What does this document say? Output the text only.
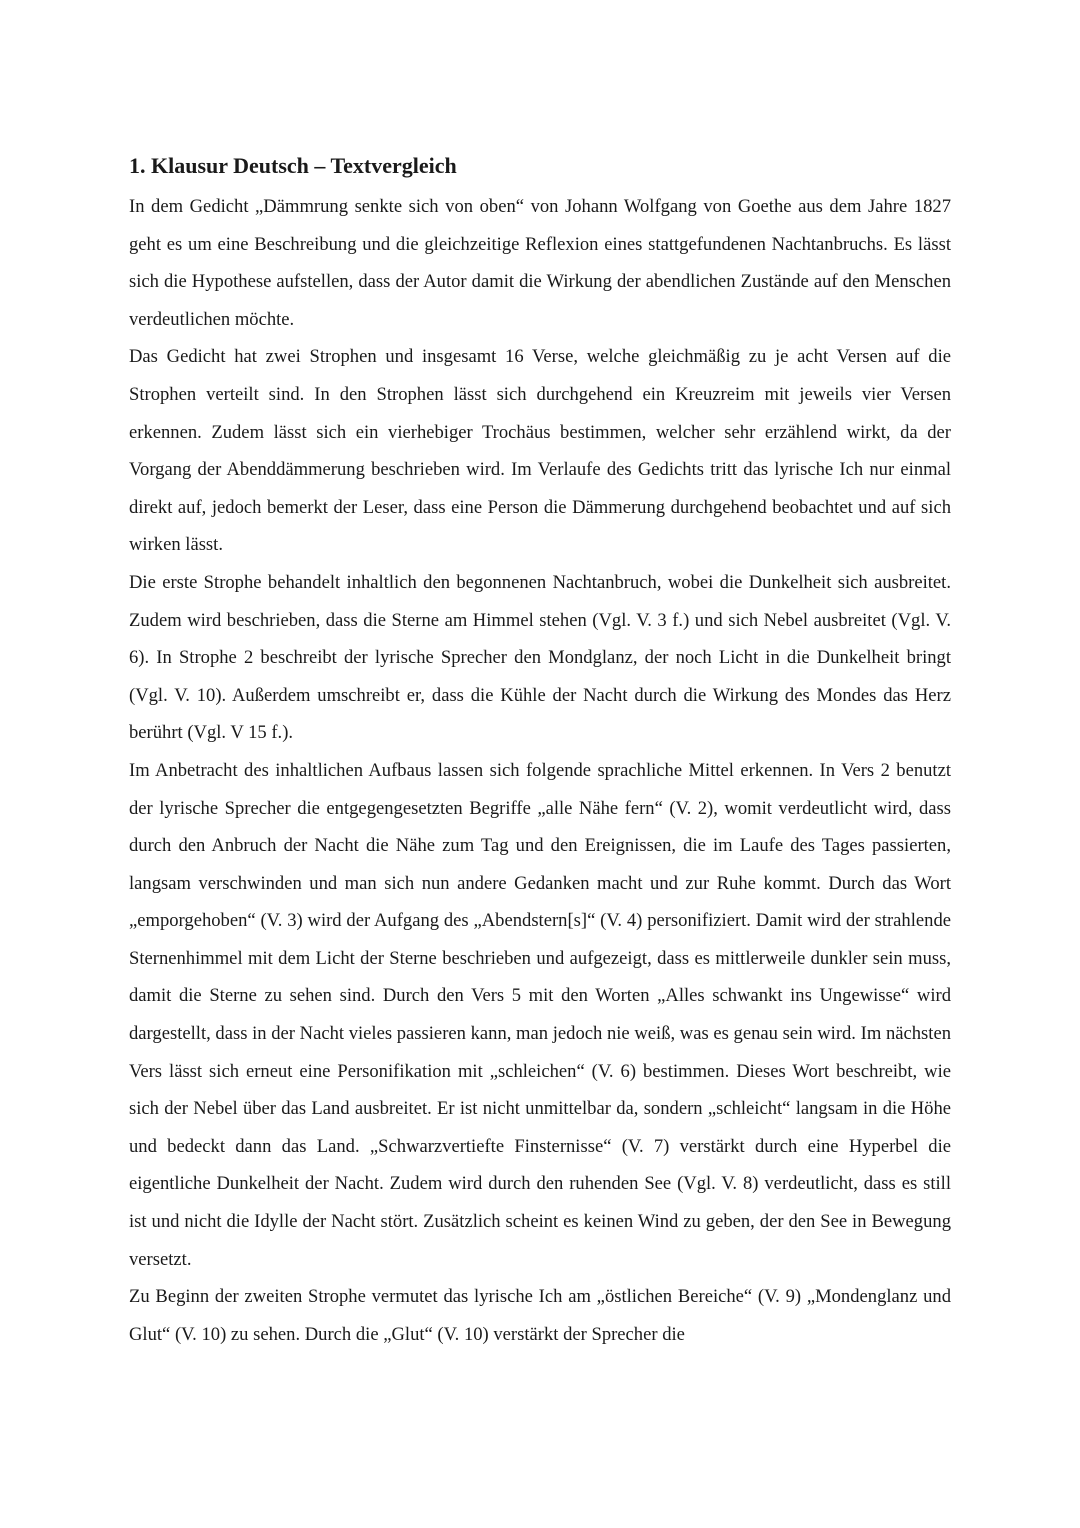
1. Klausur Deutsch – Textvergleich

In dem Gedicht „Dämmrung senkte sich von oben“ von Johann Wolfgang von Goethe aus dem Jahre 1827 geht es um eine Beschreibung und die gleichzeitige Reflexion eines stattgefundenen Nachtanbruchs. Es lässt sich die Hypothese aufstellen, dass der Autor damit die Wirkung der abendlichen Zustände auf den Menschen verdeutlichen möchte.

Das Gedicht hat zwei Strophen und insgesamt 16 Verse, welche gleichmäßig zu je acht Versen auf die Strophen verteilt sind. In den Strophen lässt sich durchgehend ein Kreuzreim mit jeweils vier Versen erkennen. Zudem lässt sich ein vierhebiger Trochäus bestimmen, welcher sehr erzählend wirkt, da der Vorgang der Abenddämmerung beschrieben wird. Im Verlaufe des Gedichts tritt das lyrische Ich nur einmal direkt auf, jedoch bemerkt der Leser, dass eine Person die Dämmerung durchgehend beobachtet und auf sich wirken lässt.

Die erste Strophe behandelt inhaltlich den begonnenen Nachtanbruch, wobei die Dunkelheit sich ausbreitet. Zudem wird beschrieben, dass die Sterne am Himmel stehen (Vgl. V. 3 f.) und sich Nebel ausbreitet (Vgl. V. 6). In Strophe 2 beschreibt der lyrische Sprecher den Mondglanz, der noch Licht in die Dunkelheit bringt (Vgl. V. 10). Außerdem umschreibt er, dass die Kühle der Nacht durch die Wirkung des Mondes das Herz berührt (Vgl. V 15 f.).

Im Anbetracht des inhaltlichen Aufbaus lassen sich folgende sprachliche Mittel erkennen. In Vers 2 benutzt der lyrische Sprecher die entgegengesetzten Begriffe „alle Nähe fern“ (V. 2), womit verdeutlicht wird, dass durch den Anbruch der Nacht die Nähe zum Tag und den Ereignissen, die im Laufe des Tages passierten, langsam verschwinden und man sich nun andere Gedanken macht und zur Ruhe kommt. Durch das Wort „emporgehoben“ (V. 3) wird der Aufgang des „Abendstern[s]“ (V. 4) personifiziert. Damit wird der strahlende Sternenhimmel mit dem Licht der Sterne beschrieben und aufgezeigt, dass es mittlerweile dunkler sein muss, damit die Sterne zu sehen sind. Durch den Vers 5 mit den Worten „Alles schwankt ins Ungewisse“ wird dargestellt, dass in der Nacht vieles passieren kann, man jedoch nie weiß, was es genau sein wird. Im nächsten Vers lässt sich erneut eine Personifikation mit „schleichen“ (V. 6) bestimmen. Dieses Wort beschreibt, wie sich der Nebel über das Land ausbreitet. Er ist nicht unmittelbar da, sondern „schleicht“ langsam in die Höhe und bedeckt dann das Land. „Schwarzvertiefte Finsternisse“ (V. 7) verstärkt durch eine Hyperbel die eigentliche Dunkelheit der Nacht. Zudem wird durch den ruhenden See (Vgl. V. 8) verdeutlicht, dass es still ist und nicht die Idylle der Nacht stört. Zusätzlich scheint es keinen Wind zu geben, der den See in Bewegung versetzt.

Zu Beginn der zweiten Strophe vermutet das lyrische Ich am „östlichen Bereiche“ (V. 9) „Mondenglanz und Glut“ (V. 10) zu sehen. Durch die „Glut“ (V. 10) verstärkt der Sprecher die
